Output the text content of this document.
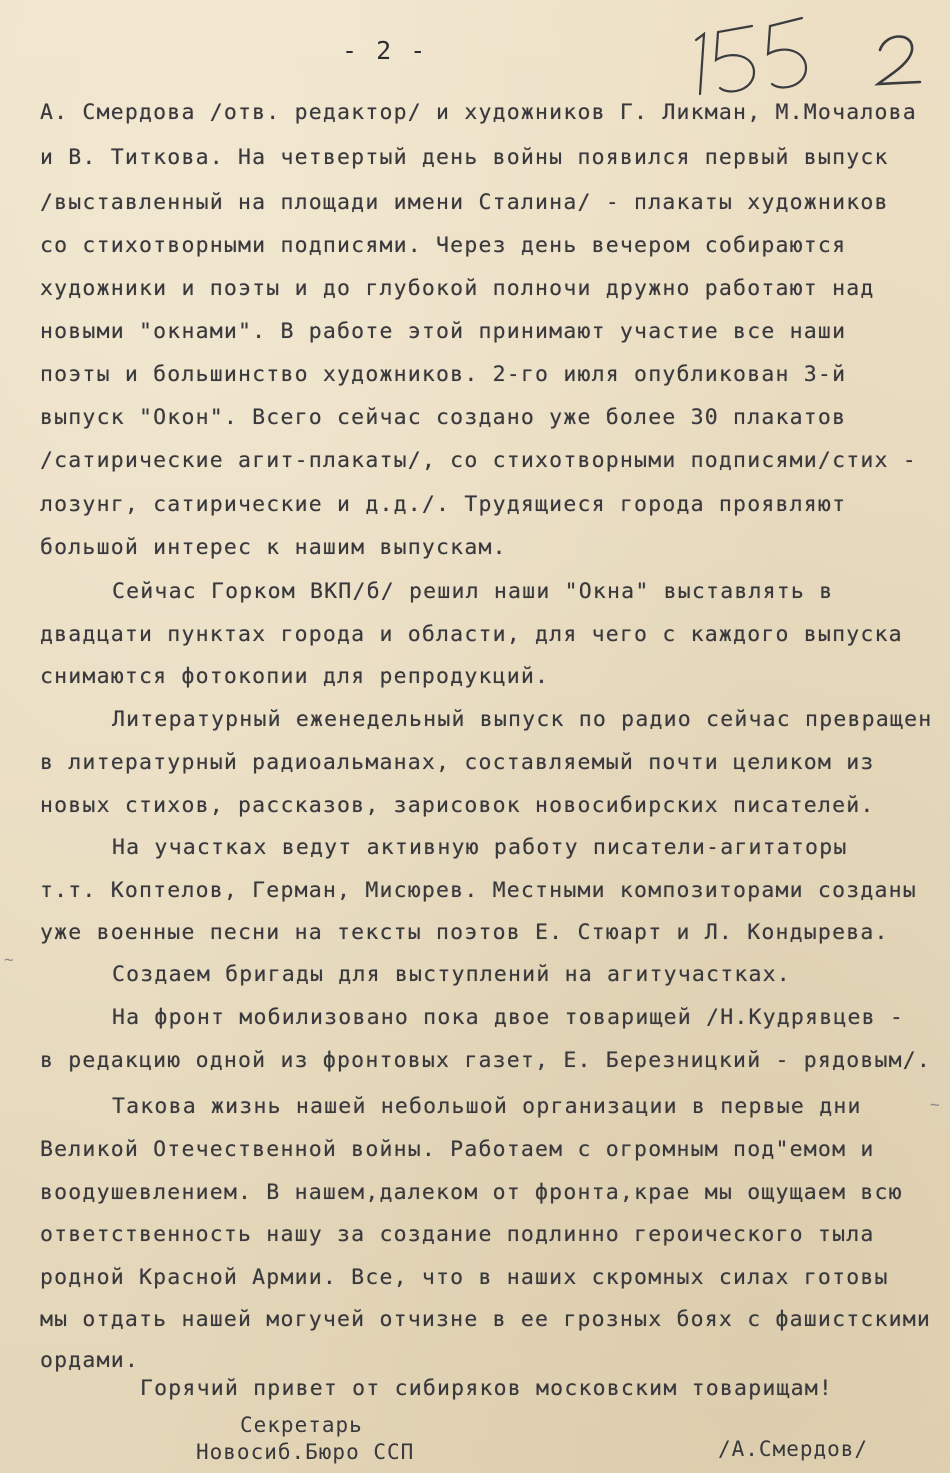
- 2 -
А. Смердова /отв. редактор/ и художников Г. Ликман, М.Мочалова
и В. Титкова. На четвертый день войны появился первый выпуск
/выставленный на площади имени Сталина/ - плакаты художников
со стихотворными подписями. Через день вечером собираются
художники и поэты и до глубокой полночи дружно работают над
новыми "окнами". В работе этой принимают участие все наши
поэты и большинство художников. 2-го июля опубликован 3-й
выпуск "Окон". Всего сейчас создано уже более 30 плакатов
/сатирические агит-плакаты/, со стихотворными подписями/стих -
лозунг, сатирические и д.д./. Трудящиеся города проявляют
большой интерес к нашим выпускам.
Сейчас Горком ВКП/б/ решил наши "Окна" выставлять в
двадцати пунктах города и области, для чего с каждого выпуска
снимаются фотокопии для репродукций.
Литературный еженедельный выпуск по радио сейчас превращен
в литературный радиоальманах, составляемый почти целиком из
новых стихов, рассказов, зарисовок новосибирских писателей.
На участках ведут активную работу писатели-агитаторы
т.т. Коптелов, Герман, Мисюрев. Местными композиторами созданы
уже военные песни на тексты поэтов Е. Стюарт и Л. Кондырева.
Создаем бригады для выступлений на агитучастках.
На фронт мобилизовано пока двое товарищей /Н.Кудрявцев -
в редакцию одной из фронтовых газет, Е. Березницкий - рядовым/.
Такова жизнь нашей небольшой организации в первые дни
Великой Отечественной войны. Работаем с огромным под"емом и
воодушевлением. В нашем,далеком от фронта,крае мы ощущаем всю
ответственность нашу за создание подлинно героического тыла
родной Красной Армии. Все, что в наших скромных силах готовы
мы отдать нашей могучей отчизне в ее грозных боях с фашистскими
ордами.
Горячий привет от сибиряков московским товарищам!
Секретарь
Новосиб.Бюро ССП	/А.Смердов/
~
~
